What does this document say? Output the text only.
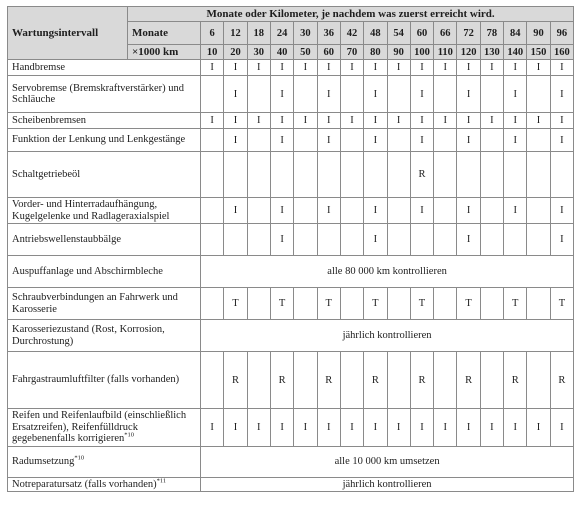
Wartungsintervall	Monate oder Kilometer, je nachdem was zuerst erreicht wird.																
	Monate	6	12	18	24	30	36	42	48	54	60	66	72	78	84	90	96
	×1000 km	10	20	30	40	50	60	70	80	90	100	110	120	130	140	150	160
Handbremse		I	I	I	I	I	I	I	I	I	I	I	I	I	I	I	I
Servobremse (Bremskraftverstärker) und Schläuche			I		I		I		I		I		I		I		I
Scheibenbremsen		I	I	I	I	I	I	I	I	I	I	I	I	I	I	I	I
Funktion der Lenkung und Lenkgestänge			I		I		I		I		I		I		I		I
Schaltgetriebeöl											R						
Vorder- und Hinterradaufhängung, Kugelgelenke und Radlageraxialspiel			I		I		I		I		I		I		I		I
Antriebswellenstaubbälge					I				I				I				I
Auspuffanlage und Abschirmbleche		alle 80 000 km kontrollieren															
Schraubverbindungen an Fahrwerk und Karosserie			T		T		T		T		T		T		T		T
Karosseriezustand (Rost, Korrosion, Durchrostung)		jährlich kontrollieren															
Fahrgastraumluftfilter (falls vorhanden)			R		R		R		R		R		R		R		R
Reifen und Reifenlaufbild (einschließlich Ersatzreifen), Reifenfülldruck gegebenenfalls korrigieren$^{*10}$		I	I	I	I	I	I	I	I	I	I	I	I	I	I	I	I
Radumsetzung$^{*10}$		alle 10 000 km umsetzen															
Notreparatursatz (falls vorhanden)$^{*11}$		jährlich kontrollieren															
